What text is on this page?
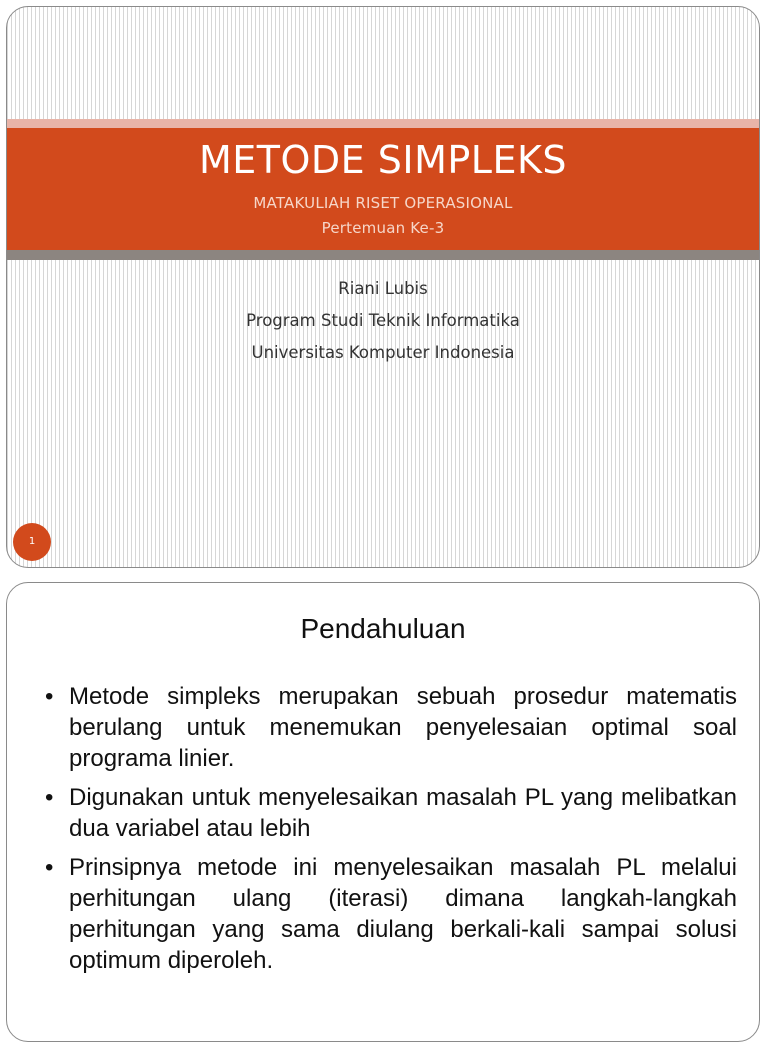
METODE SIMPLEKS
MATAKULIAH RISET OPERASIONAL
Pertemuan Ke-3
Riani Lubis
Program Studi Teknik Informatika
Universitas Komputer Indonesia
1
Pendahuluan
• Metode simpleks merupakan sebuah prosedur matematis berulang untuk menemukan penyelesaian optimal soal programa linier.
• Digunakan untuk menyelesaikan masalah PL yang melibatkan dua variabel atau lebih
• Prinsipnya metode ini menyelesaikan masalah PL melalui perhitungan ulang (iterasi) dimana langkah-langkah perhitungan yang sama diulang berkali-kali sampai solusi optimum diperoleh.
